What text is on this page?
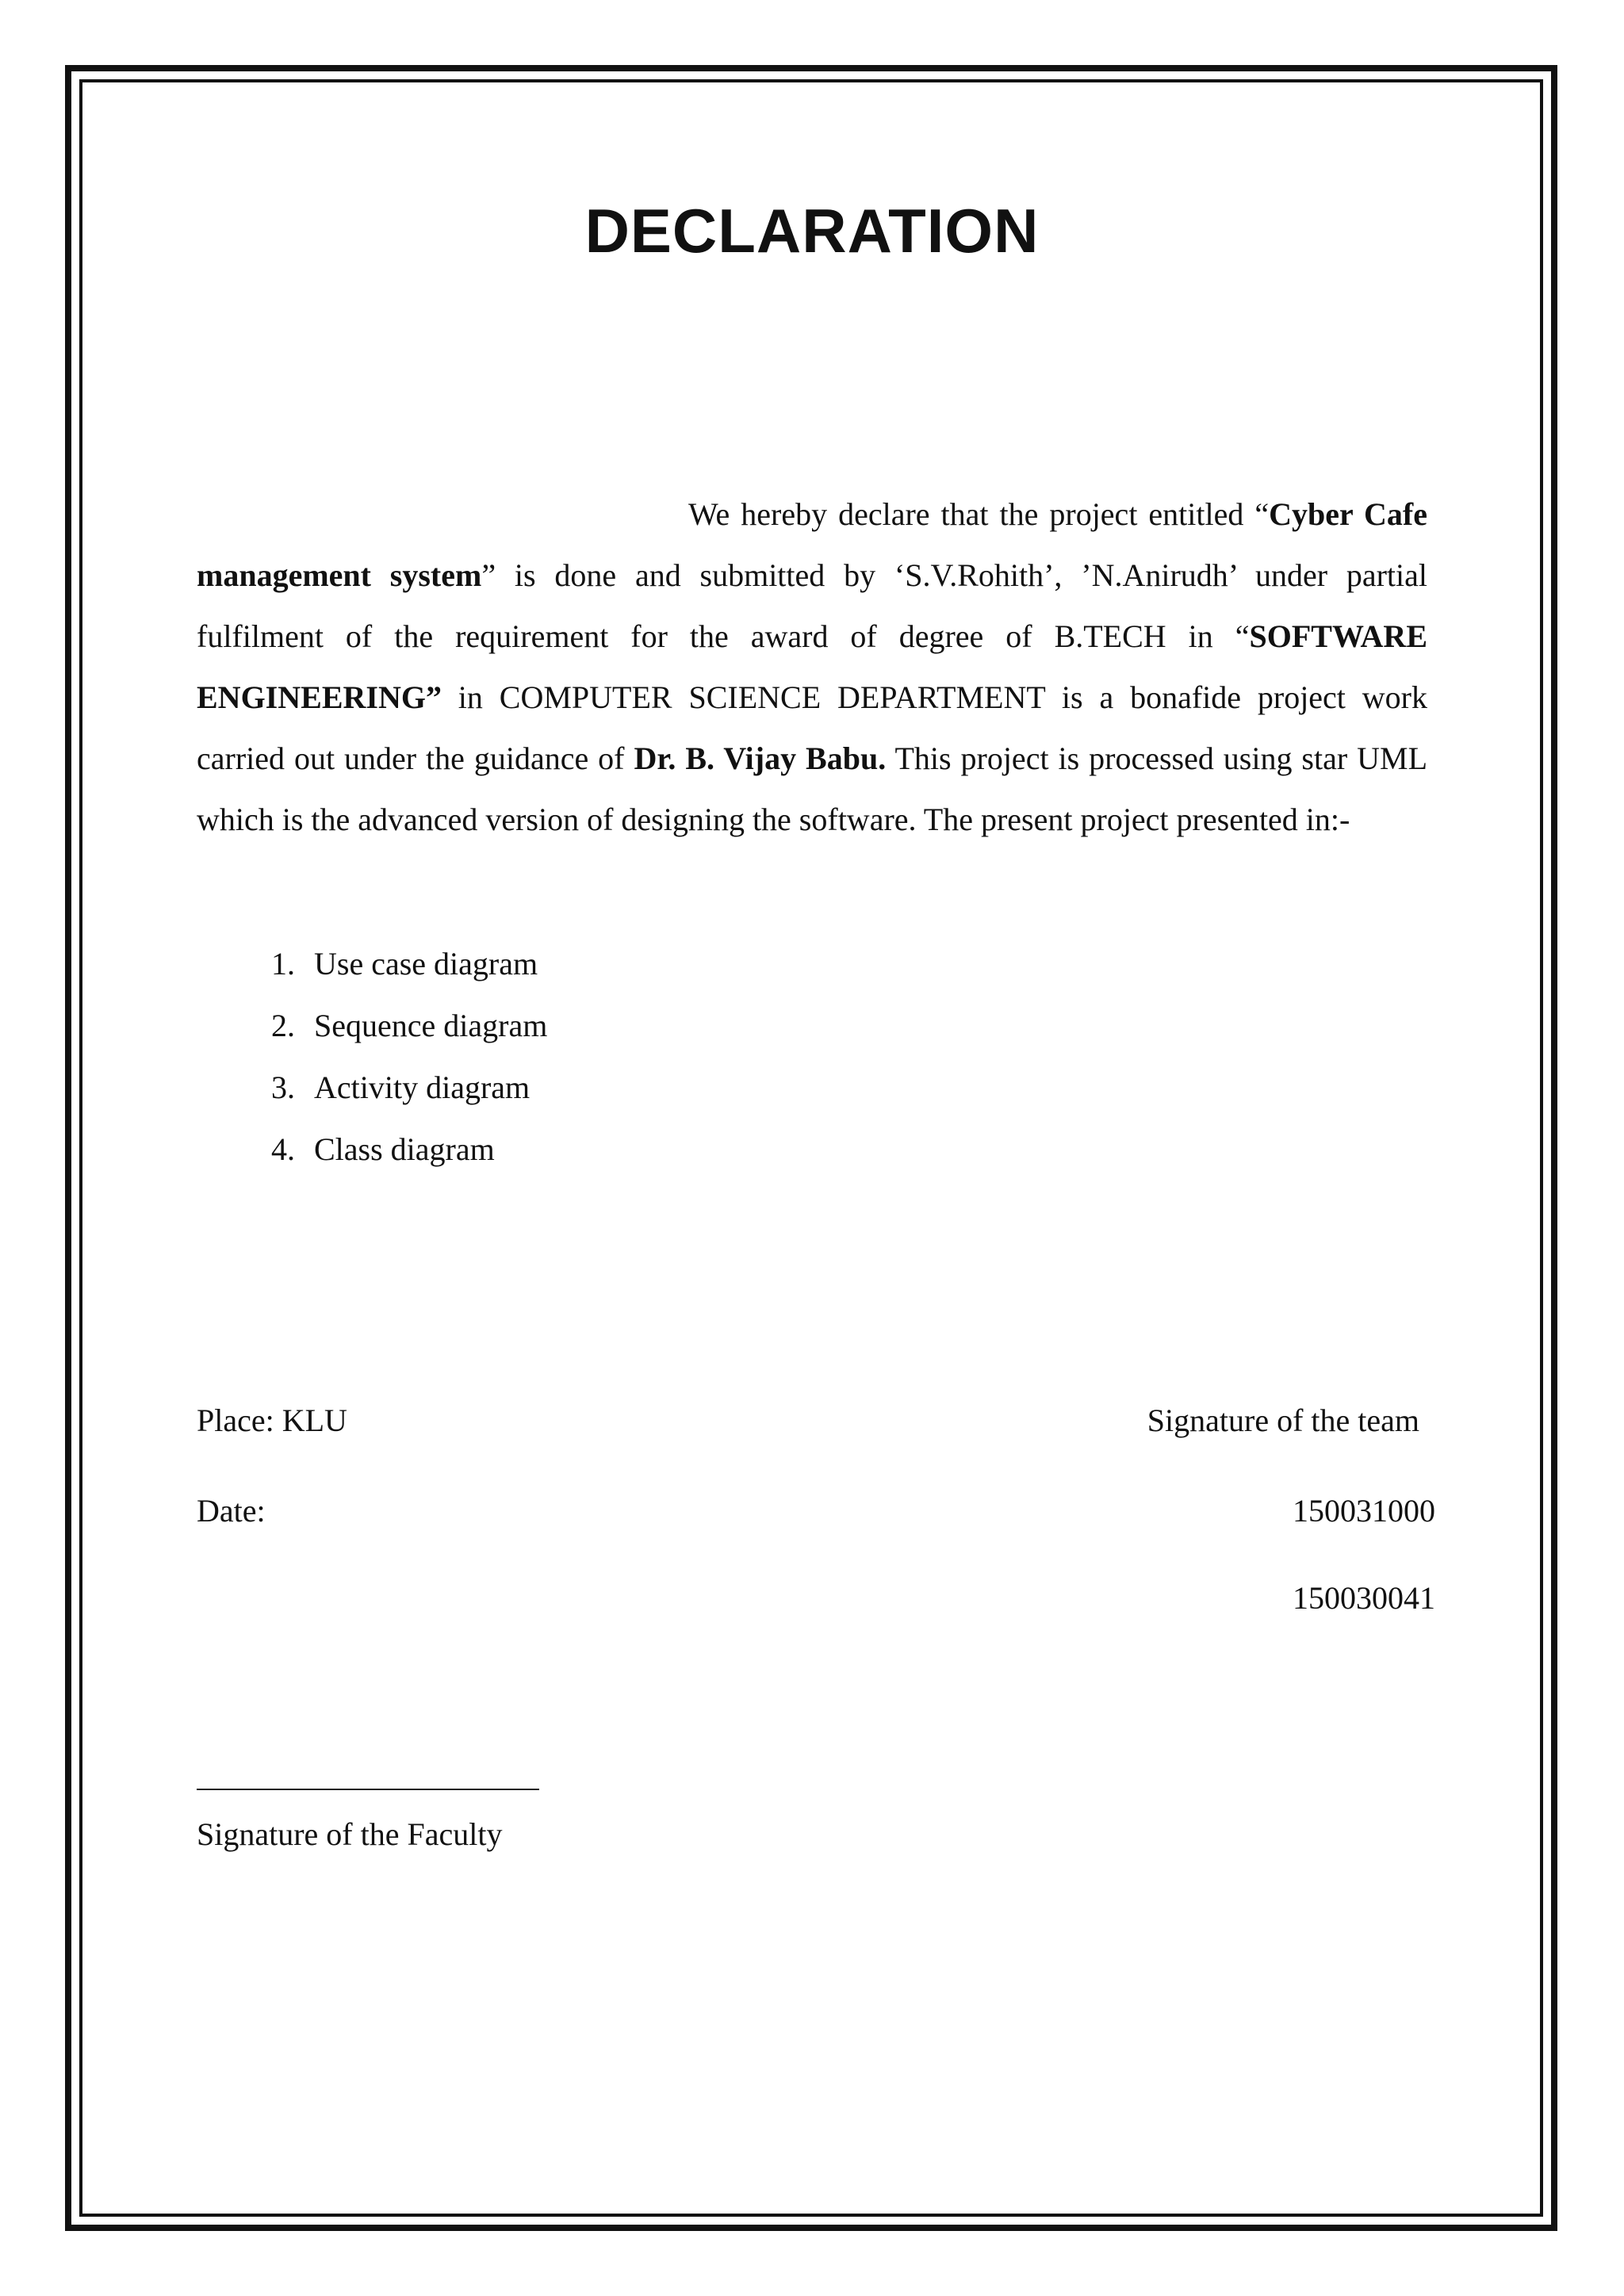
DECLARATION

We hereby declare that the project entitled “Cyber Cafe management system” is done and submitted by ‘S.V.Rohith’, ’N.Anirudh’ under partial fulfilment of the requirement for the award of degree of B.TECH in “SOFTWARE ENGINEERING” in COMPUTER SCIENCE DEPARTMENT is a bonafide project work carried out under the guidance of Dr. B. Vijay Babu. This project is processed using star UML which is the advanced version of designing the software. The present project presented in:-

1. Use case diagram
2. Sequence diagram
3. Activity diagram
4. Class diagram

Place: KLU	Signature of the team

Date:	150031000

150030041

Signature of the Faculty
